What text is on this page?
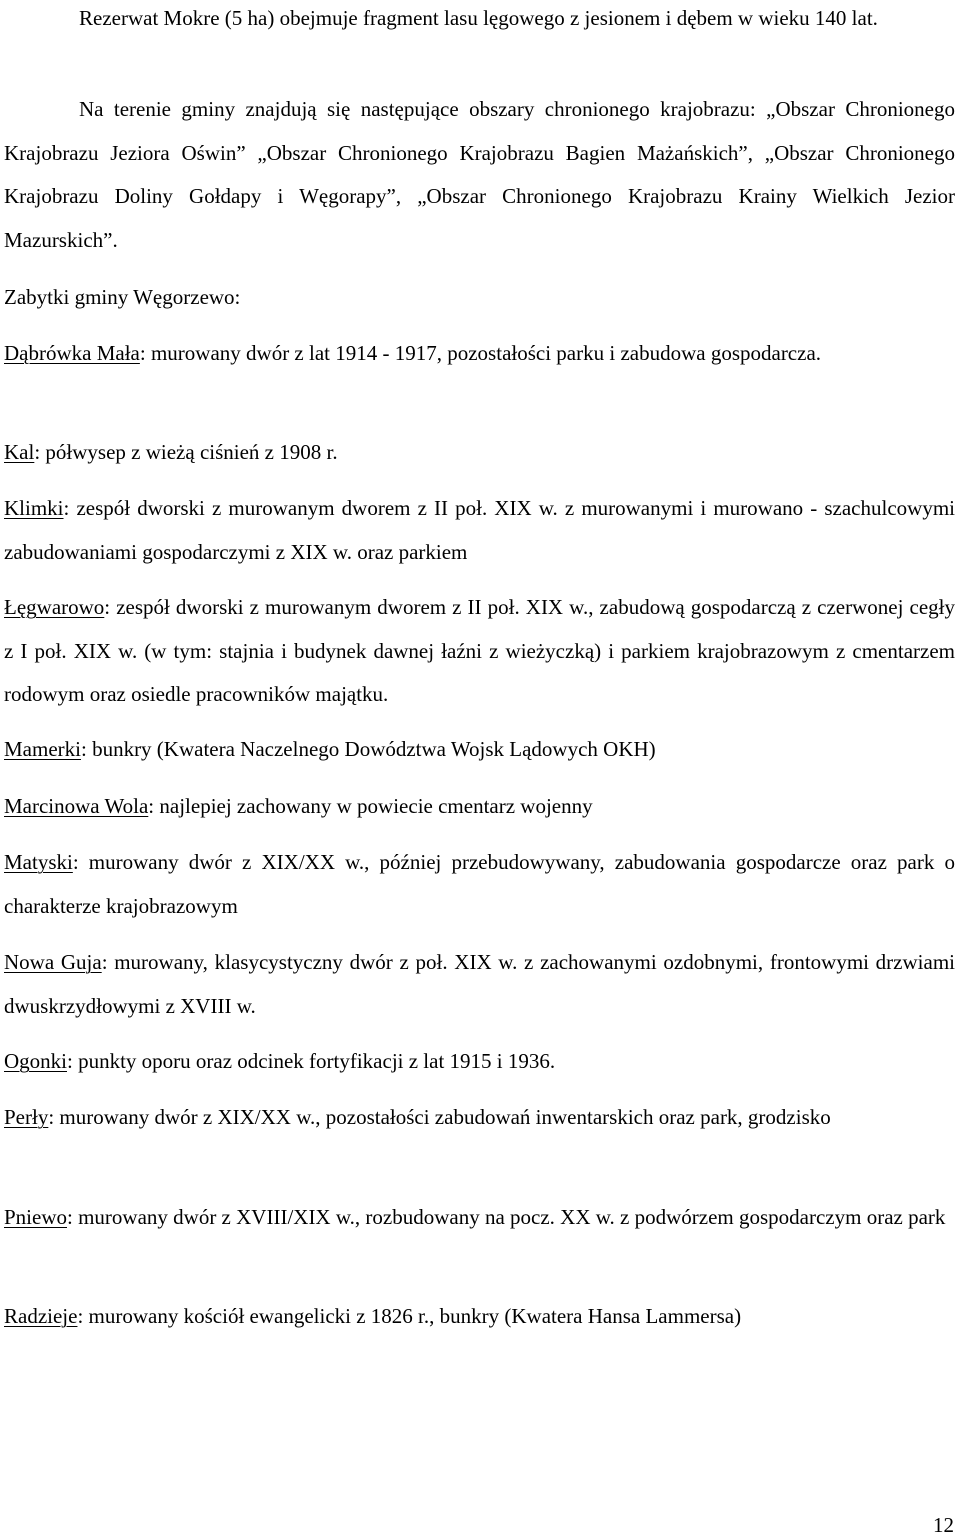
Rezerwat Mokre (5 ha) obejmuje fragment lasu lęgowego z jesionem i dębem w wieku 140 lat.

Na terenie gminy znajdują się następujące obszary chronionego krajobrazu: „Obszar Chronionego Krajobrazu Jeziora Oświn” „Obszar Chronionego Krajobrazu Bagien Mażańskich”, „Obszar Chronionego Krajobrazu Doliny Gołdapy i Węgorapy”, „Obszar Chronionego Krajobrazu Krainy Wielkich Jezior Mazurskich”.

Zabytki gminy Węgorzewo:

Dąbrówka Mała: murowany dwór z lat 1914 - 1917, pozostałości parku i zabudowa gospodarcza.

Kal: półwysep z wieżą ciśnień z 1908 r.

Klimki: zespół dworski z murowanym dworem z II poł. XIX w. z murowanymi i murowano - szachulcowymi zabudowaniami gospodarczymi z XIX w. oraz parkiem

Łęgwarowo: zespół dworski z murowanym dworem z II poł. XIX w., zabudową gospodarczą z czerwonej cegły z I poł. XIX w. (w tym: stajnia i budynek dawnej łaźni z wieżyczką) i parkiem krajobrazowym z cmentarzem rodowym oraz osiedle pracowników majątku.

Mamerki: bunkry (Kwatera Naczelnego Dowództwa Wojsk Lądowych OKH)

Marcinowa Wola: najlepiej zachowany w powiecie cmentarz wojenny

Matyski: murowany dwór z XIX/XX w., później przebudowywany, zabudowania gospodarcze oraz park o charakterze krajobrazowym

Nowa Guja: murowany, klasycystyczny dwór z poł. XIX w. z zachowanymi ozdobnymi, frontowymi drzwiami dwuskrzydłowymi z XVIII w.

Ogonki: punkty oporu oraz odcinek fortyfikacji z lat 1915 i 1936.

Perły: murowany dwór z XIX/XX w., pozostałości zabudowań inwentarskich oraz park, grodzisko

Pniewo: murowany dwór z XVIII/XIX w., rozbudowany na pocz. XX w. z podwórzem gospodarczym oraz park

Radzieje: murowany kościół ewangelicki z 1826 r., bunkry (Kwatera Hansa Lammersa)

12
